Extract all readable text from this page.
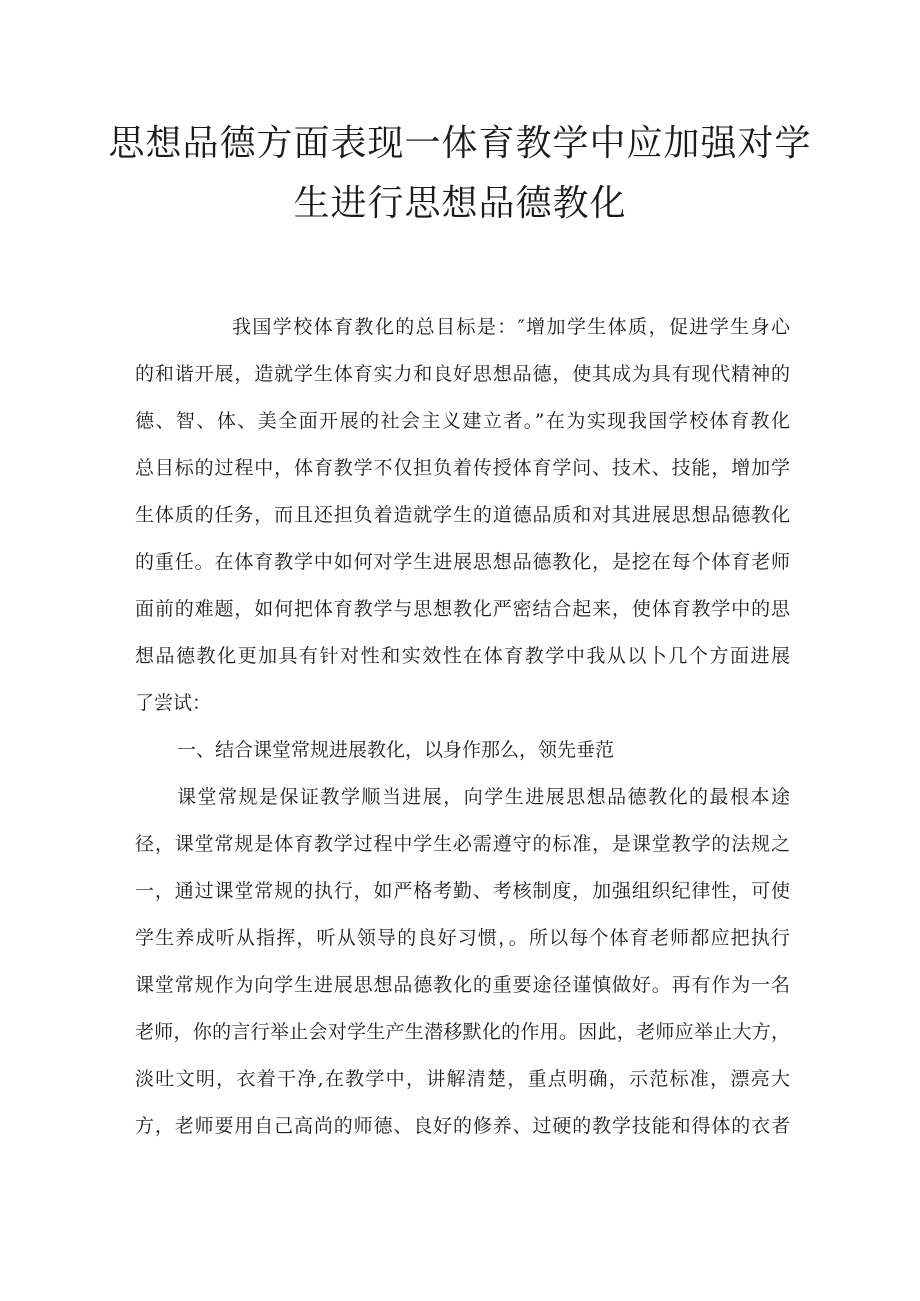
思想品德方面表现一体育教学中应加强对学
生进行思想品德教化
我国学校体育教化的总目标是：″增加学生体质，促进学生身心
的和谐开展，造就学生体育实力和良好思想品德，使其成为具有现代精神的
德、智、体、美全面开展的社会主义建立者。”在为实现我国学校体育教化
总目标的过程中，体育教学不仅担负着传授体育学问、技术、技能，增加学
生体质的任务，而且还担负着造就学生的道德品质和对其进展思想品德教化
的重任。在体育教学中如何对学生进展思想品德教化，是挖在每个体育老师
面前的难题，如何把体育教学与思想教化严密结合起来，使体育教学中的思
想品德教化更加具有针对性和实效性在体育教学中我从以卜几个方面进展
了尝试：
一、结合课堂常规进展教化，以身作那么，领先垂范
课堂常规是保证教学顺当进展，向学生进展思想品德教化的最根本途
径，课堂常规是体育教学过程中学生必需遵守的标准，是课堂教学的法规之
一，通过课堂常规的执行，如严格考勤、考核制度，加强组织纪律性，可使
学生养成听从指挥，听从领导的良好习惯，。所以每个体育老师都应把执行
课堂常规作为向学生进展思想品德教化的重要途径谨慎做好。再有作为一名
老师，你的言行举止会对学生产生潜移默化的作用。因此，老师应举止大方，
淡吐文明，衣着干净,在教学中，讲解清楚，重点明确，示范标准，漂亮大
方，老师要用自己高尚的师德、良好的修养、过硬的教学技能和得体的衣者
